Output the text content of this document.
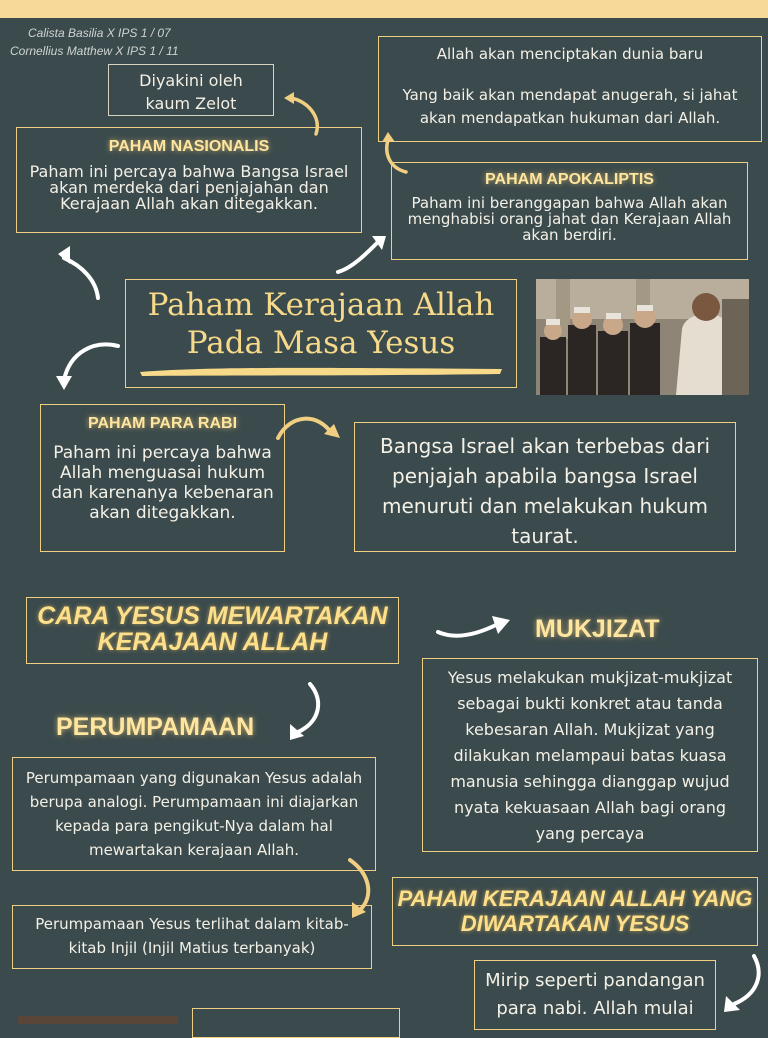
Calista Basilia X IPS 1 / 07
Cornellius Matthew X IPS 1 / 11
Diyakini oleh kaum Zelot
PAHAM NASIONALIS
Paham ini percaya bahwa Bangsa Israel akan merdeka dari penjajahan dan Kerajaan Allah akan ditegakkan.
Allah akan menciptakan dunia baru
Yang baik akan mendapat anugerah, si jahat akan mendapatkan hukuman dari Allah.
PAHAM APOKALIPTIS
Paham ini beranggapan bahwa Allah akan menghabisi orang jahat dan Kerajaan Allah akan berdiri.
Paham Kerajaan Allah
Pada Masa Yesus
PAHAM PARA RABI
Paham ini percaya bahwa Allah menguasai hukum dan karenanya kebenaran akan ditegakkan.
Bangsa Israel akan terbebas dari penjajah apabila bangsa Israel menuruti dan melakukan hukum taurat.
CARA YESUS MEWARTAKAN
KERAJAAN ALLAH	MUKJIZAT
Yesus melakukan mukjizat-mukjizat sebagai bukti konkret atau tanda kebesaran Allah. Mukjizat yang dilakukan melampaui batas kuasa manusia sehingga dianggap wujud nyata kekuasaan Allah bagi orang yang percaya
PERUMPAMAAN
Perumpamaan yang digunakan Yesus adalah berupa analogi. Perumpamaan ini diajarkan kepada para pengikut-Nya dalam hal mewartakan kerajaan Allah.
Perumpamaan Yesus terlihat dalam kitab-kitab Injil (Injil Matius terbanyak)
PAHAM KERAJAAN ALLAH YANG
DIWARTAKAN YESUS
Mirip seperti pandangan para nabi. Allah mulai
